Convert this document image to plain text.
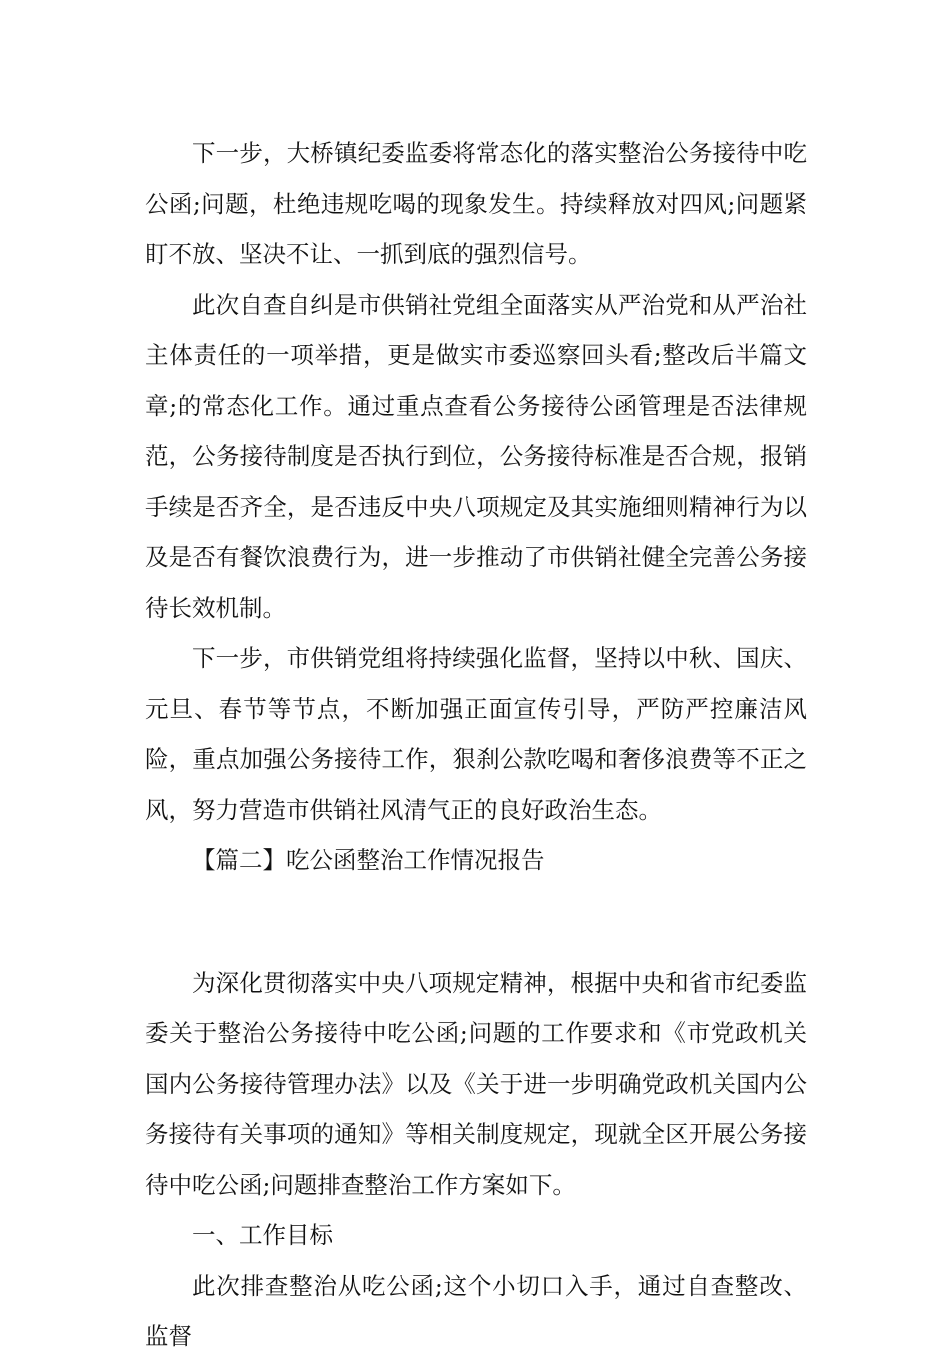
下一步，大桥镇纪委监委将常态化的落实整治公务接待中吃公函;问题，杜绝违规吃喝的现象发生。持续释放对四风;问题紧盯不放、坚决不让、一抓到底的强烈信号。

此次自查自纠是市供销社党组全面落实从严治党和从严治社主体责任的一项举措，更是做实市委巡察回头看;整改后半篇文章;的常态化工作。通过重点查看公务接待公函管理是否法律规范，公务接待制度是否执行到位，公务接待标准是否合规，报销手续是否齐全，是否违反中央八项规定及其实施细则精神行为以及是否有餐饮浪费行为，进一步推动了市供销社健全完善公务接待长效机制。

下一步，市供销党组将持续强化监督，坚持以中秋、国庆、元旦、春节等节点，不断加强正面宣传引导，严防严控廉洁风险，重点加强公务接待工作，狠刹公款吃喝和奢侈浪费等不正之风，努力营造市供销社风清气正的良好政治生态。

【篇二】吃公函整治工作情况报告

为深化贯彻落实中央八项规定精神，根据中央和省市纪委监委关于整治公务接待中吃公函;问题的工作要求和《市党政机关国内公务接待管理办法》以及《关于进一步明确党政机关国内公务接待有关事项的通知》等相关制度规定，现就全区开展公务接待中吃公函;问题排查整治工作方案如下。

一、工作目标

此次排查整治从吃公函;这个小切口入手，通过自查整改、监督
